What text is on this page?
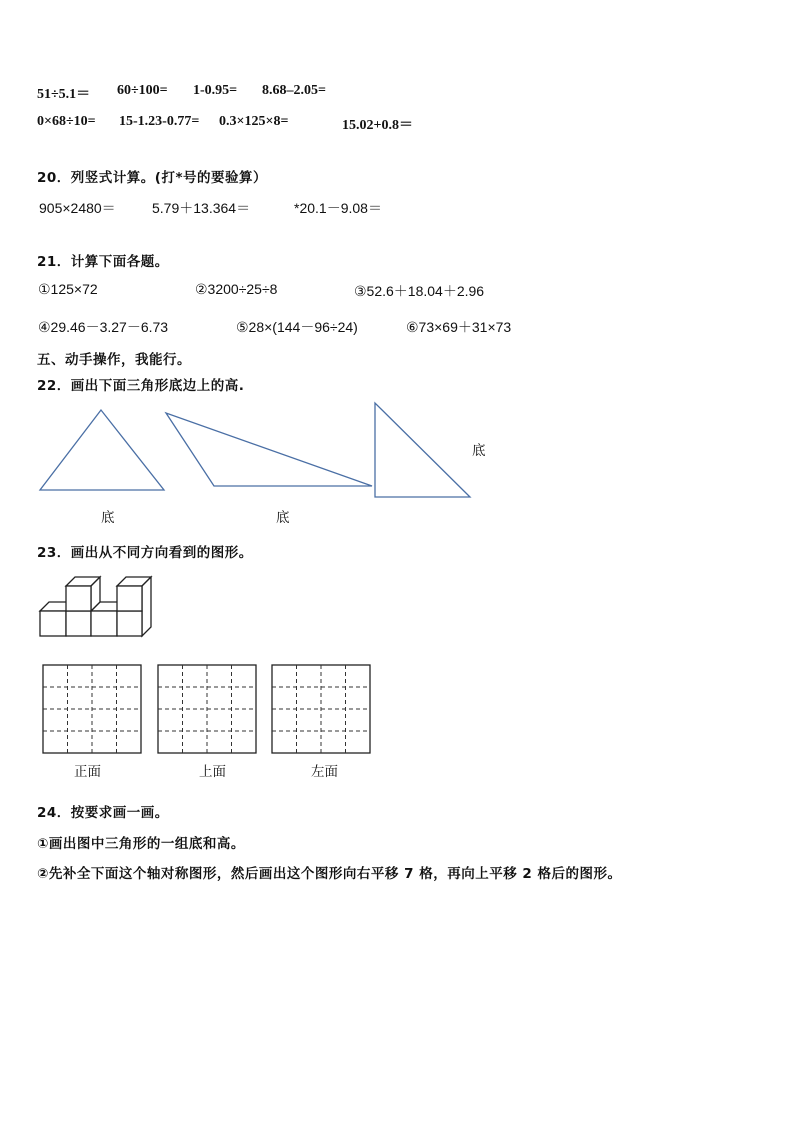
51÷5.1＝ 60÷100= 1-0.95= 8.68–2.05=
0×68÷10= 15-1.23-0.77= 0.3×125×8=	15.02+0.8＝
20．列竖式计算。(打*号的要验算）
905×2480＝	5.79＋13.364＝	*20.1－9.08＝
21．计算下面各题。
①125×72	②3200÷25÷8	③52.6＋18.04＋2.96
④29.46－3.27－6.73	⑤28×(144－96÷24)	⑥73×69＋31×73
五、动手操作，我能行。
22．画出下面三角形底边上的高.
23．画出从不同方向看到的图形。
24．按要求画一画。
①画出图中三角形的一组底和高。
②先补全下面这个轴对称图形，然后画出这个图形向右平移 7 格，再向上平移 2 格后的图形。
底	底
底
正面	上面	左面
